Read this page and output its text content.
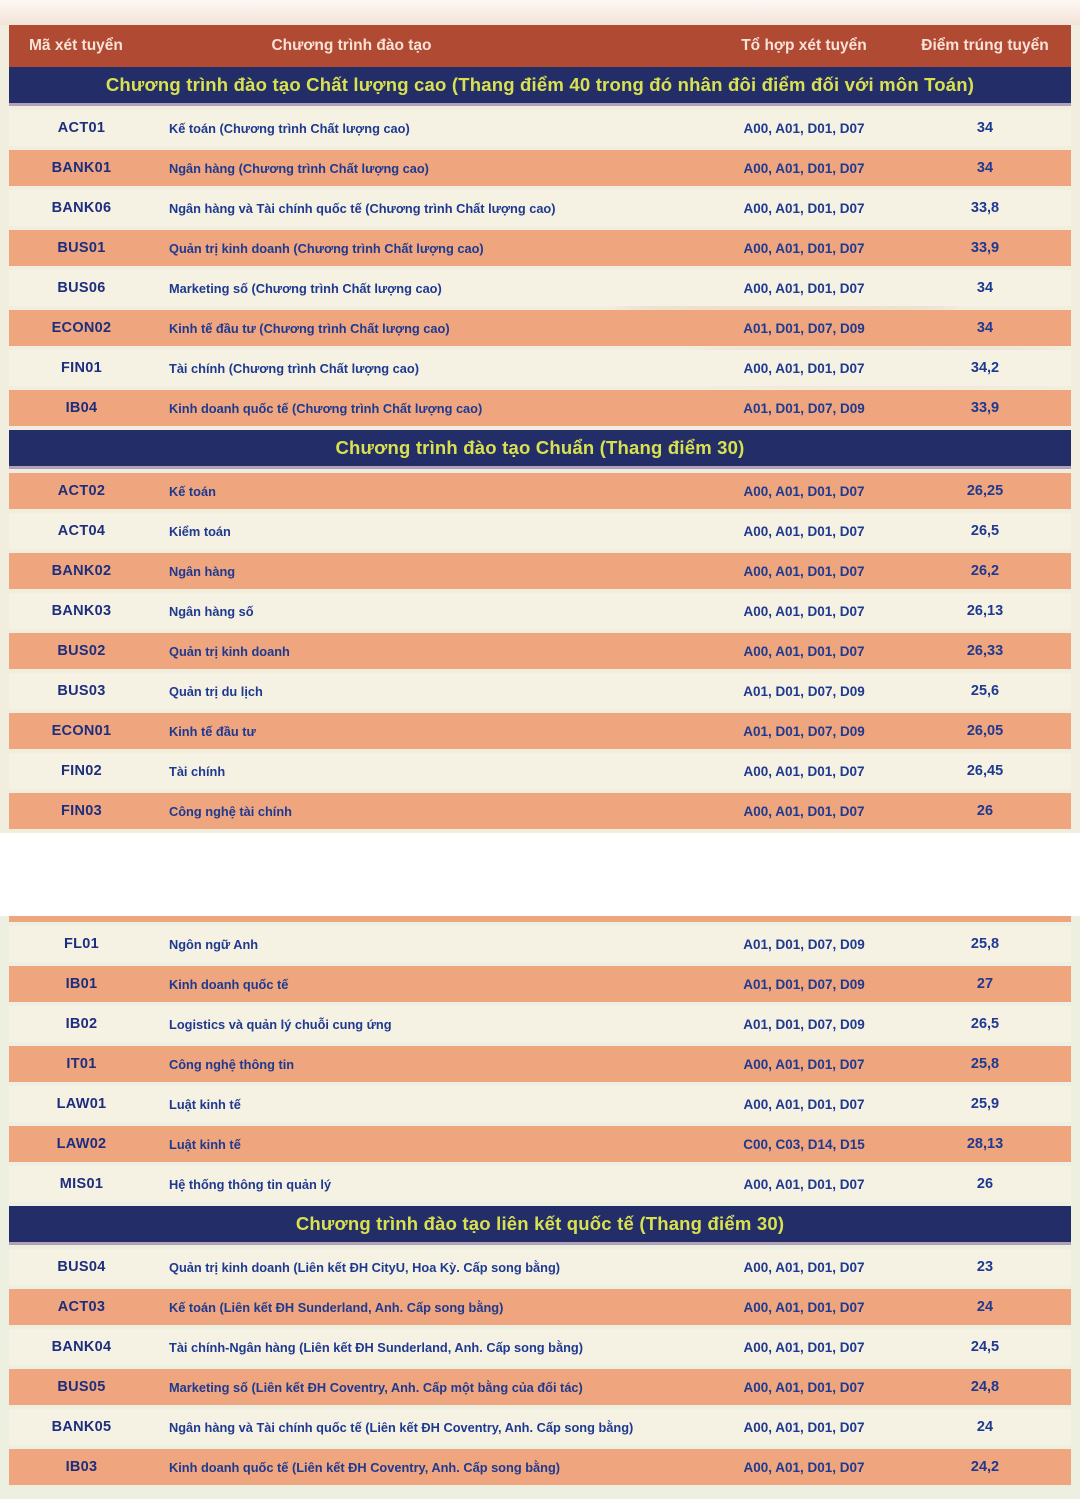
Mã xét tuyển	Chương trình đào tạo	Tổ hợp xét tuyển	Điểm trúng tuyển
Chương trình đào tạo Chất lượng cao (Thang điểm 40 trong đó nhân đôi điểm đối với môn Toán)
ACT01	Kế toán (Chương trình Chất lượng cao)	A00, A01, D01, D07	34
BANK01	Ngân hàng (Chương trình Chất lượng cao)	A00, A01, D01, D07	34
BANK06	Ngân hàng và Tài chính quốc tế (Chương trình Chất lượng cao)	A00, A01, D01, D07	33,8
BUS01	Quản trị kinh doanh (Chương trình Chất lượng cao)	A00, A01, D01, D07	33,9
BUS06	Marketing số (Chương trình Chất lượng cao)	A00, A01, D01, D07	34
ECON02	Kinh tế đầu tư (Chương trình Chất lượng cao)	A01, D01, D07, D09	34
FIN01	Tài chính (Chương trình Chất lượng cao)	A00, A01, D01, D07	34,2
IB04	Kinh doanh quốc tế (Chương trình Chất lượng cao)	A01, D01, D07, D09	33,9
Chương trình đào tạo Chuẩn (Thang điểm 30)
ACT02	Kế toán	A00, A01, D01, D07	26,25
ACT04	Kiểm toán	A00, A01, D01, D07	26,5
BANK02	Ngân hàng	A00, A01, D01, D07	26,2
BANK03	Ngân hàng số	A00, A01, D01, D07	26,13
BUS02	Quản trị kinh doanh	A00, A01, D01, D07	26,33
BUS03	Quản trị du lịch	A01, D01, D07, D09	25,6
ECON01	Kinh tế đầu tư	A01, D01, D07, D09	26,05
FIN02	Tài chính	A00, A01, D01, D07	26,45
FIN03	Công nghệ tài chính	A00, A01, D01, D07	26
FL01	Ngôn ngữ Anh	A01, D01, D07, D09	25,8
IB01	Kinh doanh quốc tế	A01, D01, D07, D09	27
IB02	Logistics và quản lý chuỗi cung ứng	A01, D01, D07, D09	26,5
IT01	Công nghệ thông tin	A00, A01, D01, D07	25,8
LAW01	Luật kinh tế	A00, A01, D01, D07	25,9
LAW02	Luật kinh tế	C00, C03, D14, D15	28,13
MIS01	Hệ thống thông tin quản lý	A00, A01, D01, D07	26
Chương trình đào tạo liên kết quốc tế (Thang điểm 30)
BUS04	Quản trị kinh doanh (Liên kết ĐH CityU, Hoa Kỳ. Cấp song bằng)	A00, A01, D01, D07	23
ACT03	Kế toán (Liên kết ĐH Sunderland, Anh. Cấp song bằng)	A00, A01, D01, D07	24
BANK04	Tài chính-Ngân hàng (Liên kết ĐH Sunderland, Anh. Cấp song bằng)	A00, A01, D01, D07	24,5
BUS05	Marketing số (Liên kết ĐH Coventry, Anh. Cấp một bằng của đối tác)	A00, A01, D01, D07	24,8
BANK05	Ngân hàng và Tài chính quốc tế (Liên kết ĐH Coventry, Anh. Cấp song bằng)	A00, A01, D01, D07	24
IB03	Kinh doanh quốc tế (Liên kết ĐH Coventry, Anh. Cấp song bằng)	A00, A01, D01, D07	24,2
